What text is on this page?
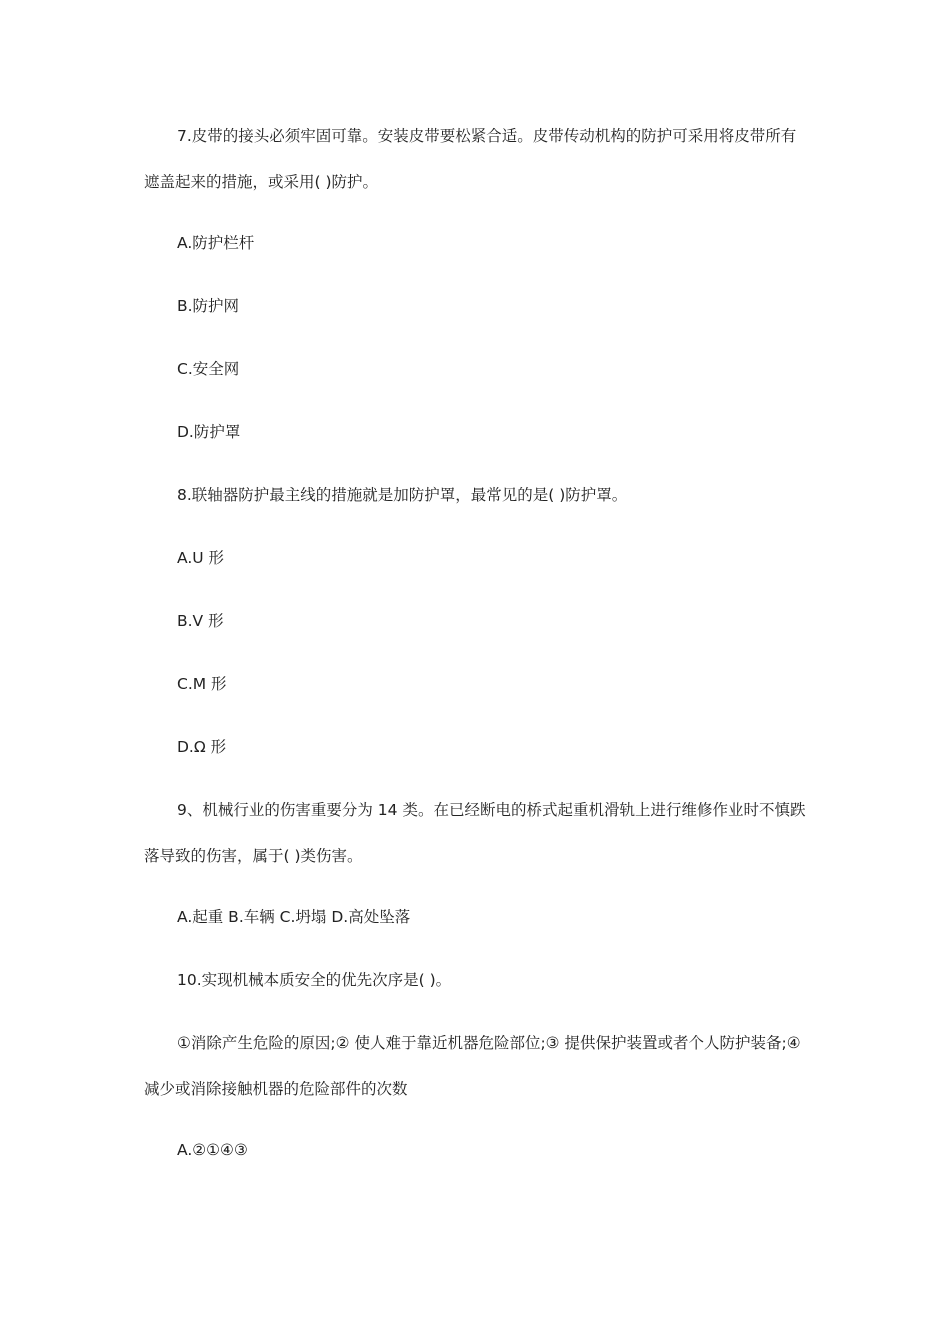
7.皮带的接头必须牢固可靠。安装皮带要松紧合适。皮带传动机构的防护可采用将皮带所有遮盖起来的措施，或采用( )防护。

A.防护栏杆

B.防护网

C.安全网

D.防护罩

8.联轴器防护最主线的措施就是加防护罩，最常见的是( )防护罩。

A.U 形

B.V 形

C.M 形

D.Ω 形

9、机械行业的伤害重要分为 14 类。在已经断电的桥式起重机滑轨上进行维修作业时不慎跌落导致的伤害，属于( )类伤害。

A.起重 B.车辆 C.坍塌 D.高处坠落

10.实现机械本质安全的优先次序是( )。

①消除产生危险的原因;② 使人难于靠近机器危险部位;③ 提供保护装置或者个人防护装备;④ 减少或消除接触机器的危险部件的次数

A.②①④③
